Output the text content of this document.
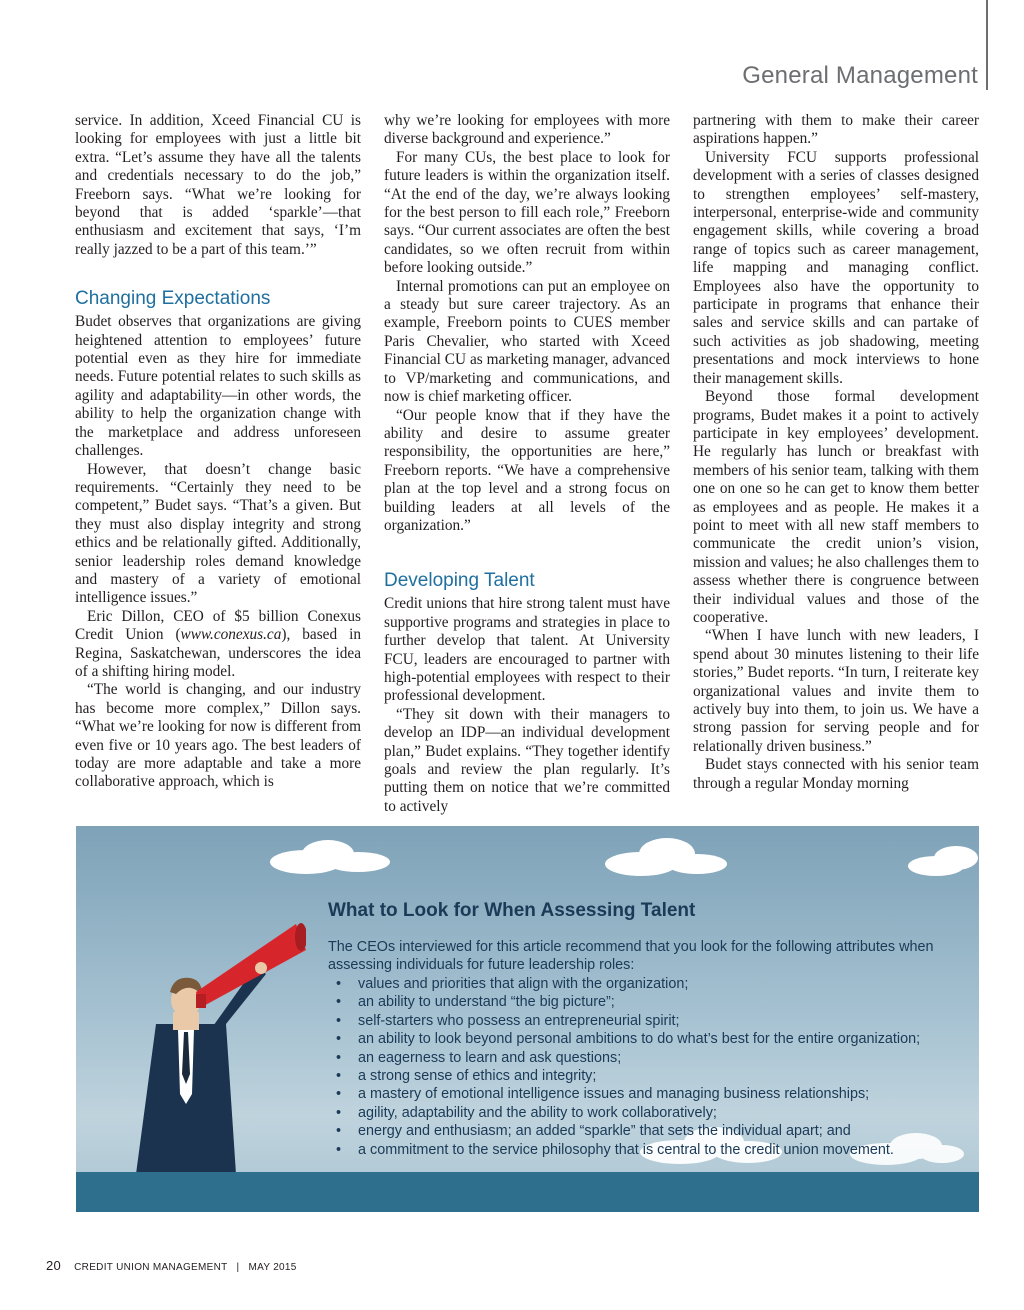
General Management

service. In addition, Xceed Financial CU is looking for employees with just a little bit extra. “Let’s assume they have all the talents and credentials necessary to do the job,” Freeborn says. “What we’re looking for beyond that is added ‘sparkle’—that enthusiasm and excitement that says, ‘I’m really jazzed to be a part of this team.’”

Changing Expectations

Budet observes that organizations are giving heightened attention to employees’ future potential even as they hire for immediate needs. Future potential relates to such skills as agility and adaptability—in other words, the ability to help the organization change with the marketplace and address unforeseen challenges.

However, that doesn’t change basic requirements. “Certainly they need to be competent,” Budet says. “That’s a given. But they must also display integrity and strong ethics and be relationally gifted. Additionally, senior leadership roles demand knowledge and mastery of a variety of emotional intelligence issues.”

Eric Dillon, CEO of $5 billion Conexus Credit Union (www.conexus.ca), based in Regina, Saskatchewan, underscores the idea of a shifting hiring model.

“The world is changing, and our industry has become more complex,” Dillon says. “What we’re looking for now is different from even five or 10 years ago. The best leaders of today are more adaptable and take a more collaborative approach, which is

why we’re looking for employees with more diverse background and experience.”

For many CUs, the best place to look for future leaders is within the organization itself. “At the end of the day, we’re always looking for the best person to fill each role,” Freeborn says. “Our current associates are often the best candidates, so we often recruit from within before looking outside.”

Internal promotions can put an employee on a steady but sure career trajectory. As an example, Freeborn points to CUES member Paris Chevalier, who started with Xceed Financial CU as marketing manager, advanced to VP/marketing and communications, and now is chief marketing officer.

“Our people know that if they have the ability and desire to assume greater responsibility, the opportunities are here,” Freeborn reports. “We have a comprehensive plan at the top level and a strong focus on building leaders at all levels of the organization.”

Developing Talent

Credit unions that hire strong talent must have supportive programs and strategies in place to further develop that talent. At University FCU, leaders are encouraged to partner with high-potential employees with respect to their professional development.

“They sit down with their managers to develop an IDP—an individual development plan,” Budet explains. “They together identify goals and review the plan regularly. It’s putting them on notice that we’re committed to actively

partnering with them to make their career aspirations happen.”

University FCU supports professional development with a series of classes designed to strengthen employees’ self-mastery, interpersonal, enterprise-wide and community engagement skills, while covering a broad range of topics such as career management, life mapping and managing conflict. Employees also have the opportunity to participate in programs that enhance their sales and service skills and can partake of such activities as job shadowing, meeting presentations and mock interviews to hone their management skills.

Beyond those formal development programs, Budet makes it a point to actively participate in key employees’ development. He regularly has lunch or breakfast with members of his senior team, talking with them one on one so he can get to know them better as employees and as people. He makes it a point to meet with all new staff members to communicate the credit union’s vision, mission and values; he also challenges them to assess whether there is congruence between their individual values and those of the cooperative.

“When I have lunch with new leaders, I spend about 30 minutes listening to their life stories,” Budet reports. “In turn, I reiterate key organizational values and invite them to actively buy into them, to join us. We have a strong passion for serving people and for relationally driven business.”

Budet stays connected with his senior team through a regular Monday morning

What to Look for When Assessing Talent
The CEOs interviewed for this article recommend that you look for the following attributes when assessing individuals for future leadership roles:
• values and priorities that align with the organization;
• an ability to understand “the big picture”;
• self-starters who possess an entrepreneurial spirit;
• an ability to look beyond personal ambitions to do what’s best for the entire organization;
• an eagerness to learn and ask questions;
• a strong sense of ethics and integrity;
• a mastery of emotional intelligence issues and managing business relationships;
• agility, adaptability and the ability to work collaboratively;
• energy and enthusiasm; an added “sparkle” that sets the individual apart; and
• a commitment to the service philosophy that is central to the credit union movement.
20 CREDIT UNION MANAGEMENT | MAY 2015
